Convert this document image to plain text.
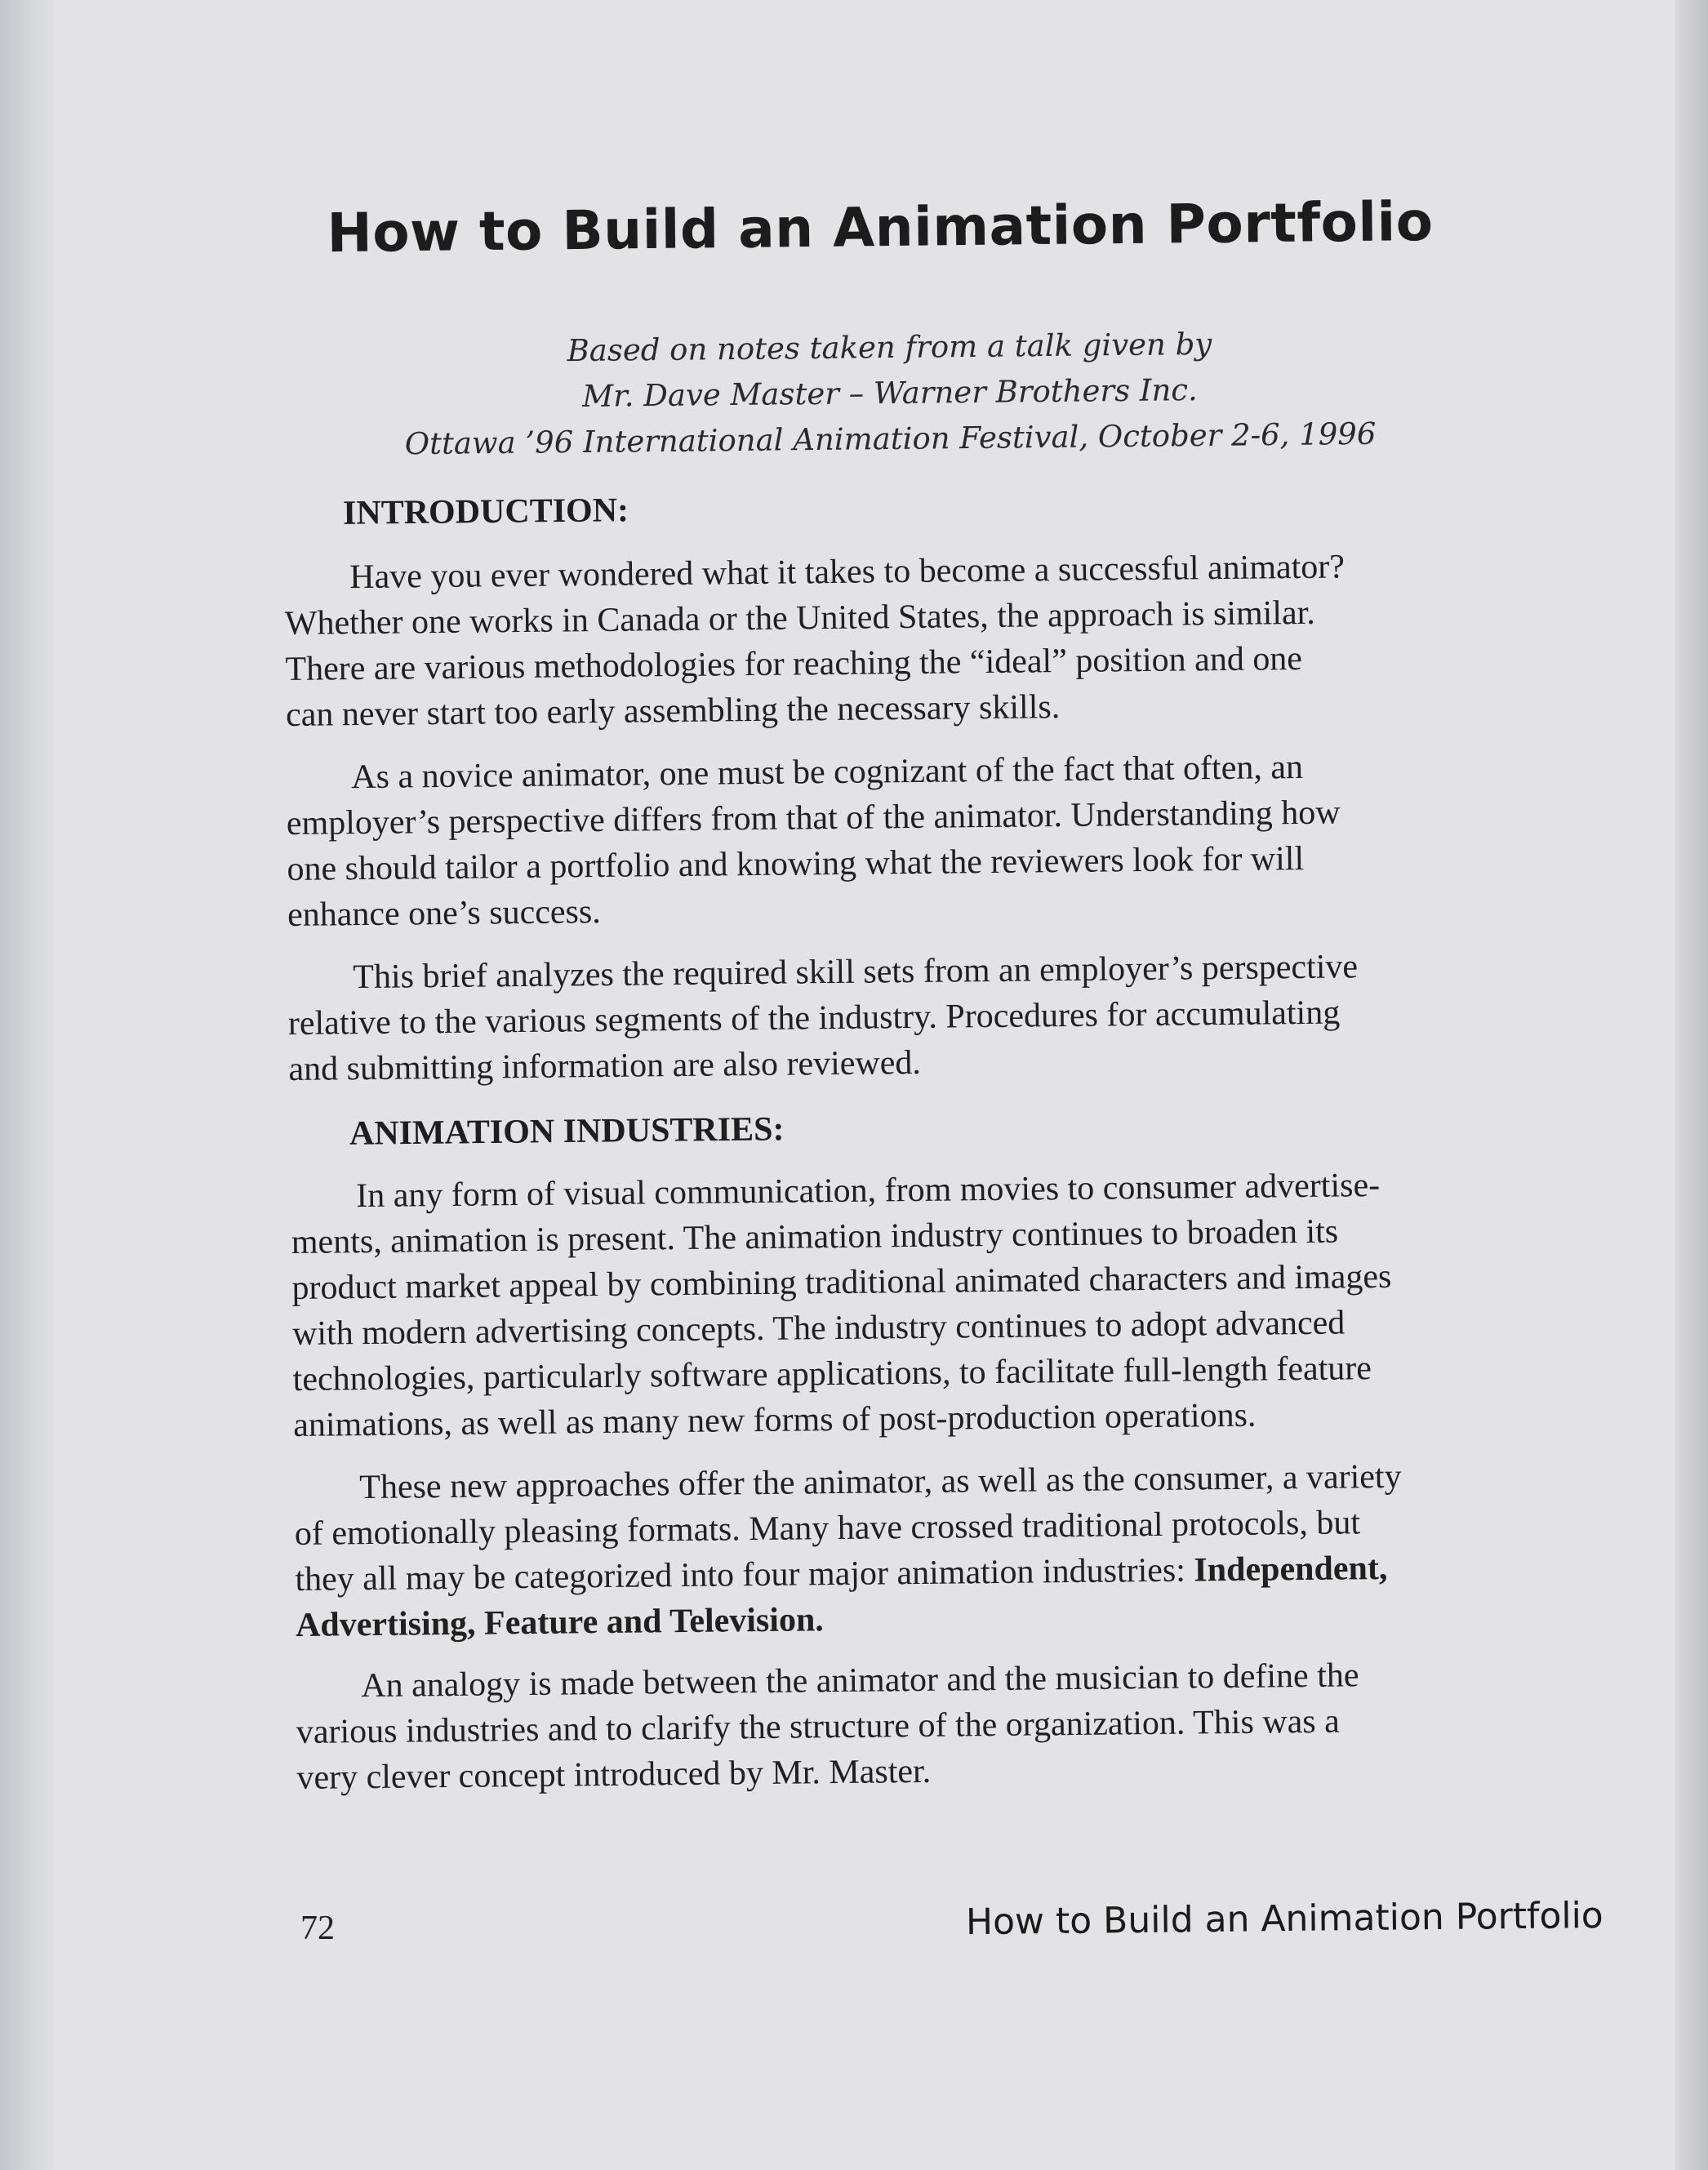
How to Build an Animation Portfolio
Based on notes taken from a talk given by
Mr. Dave Master – Warner Brothers Inc.
Ottawa ’96 International Animation Festival, October 2-6, 1996
INTRODUCTION:
Have you ever wondered what it takes to become a successful animator?
Whether one works in Canada or the United States, the approach is similar.
There are various methodologies for reaching the “ideal” position and one
can never start too early assembling the necessary skills.
As a novice animator, one must be cognizant of the fact that often, an
employer’s perspective differs from that of the animator. Understanding how
one should tailor a portfolio and knowing what the reviewers look for will
enhance one’s success.
This brief analyzes the required skill sets from an employer’s perspective
relative to the various segments of the industry. Procedures for accumulating
and submitting information are also reviewed.
ANIMATION INDUSTRIES:
In any form of visual communication, from movies to consumer advertise-
ments, animation is present. The animation industry continues to broaden its
product market appeal by combining traditional animated characters and images
with modern advertising concepts. The industry continues to adopt advanced
technologies, particularly software applications, to facilitate full-length feature
animations, as well as many new forms of post-production operations.
These new approaches offer the animator, as well as the consumer, a variety
of emotionally pleasing formats. Many have crossed traditional protocols, but
they all may be categorized into four major animation industries: Independent,
Advertising, Feature and Television.
An analogy is made between the animator and the musician to define the
various industries and to clarify the structure of the organization. This was a
very clever concept introduced by Mr. Master.
72	How to Build an Animation Portfolio
